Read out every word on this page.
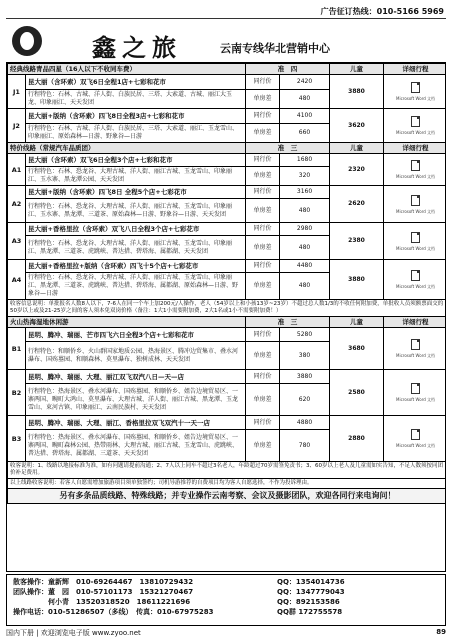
广告征订热线：010-5166 5969
鑫之旅	云南专线华北营销中心
经典线路青品四星（16人以下不收同车费）		准　四		儿童	详细行程
J1	昆大丽（含环索）双飞6日全程1店+七彩和花市	同行价	2420	3880	Microsoft Word 文档

	行程特色：石林、古城、洋人街、白族民居、三塔、大索道、古城、丽江大玉龙、印象丽江、天天发团	单房差	480		
J2	昆大丽+版纳（含环索）四飞8日全程3店+七彩和花市	同行价	4100	3620	Microsoft Word 文档

	行程特色：石林、古城、洋人街、白族民居、三塔、大索道、丽江、玉龙雪山、印象丽江、原始森林—日游、野象谷—日游	单房差	660		
特价线路（常规汽车品质团）		准　三		儿童	详细行程
A1	昆大丽（含环索）双飞6日全程3个店+七彩和花市	同行价	1680	2320	Microsoft Word 文档

	行程特色：石林、恐龙谷、大理古城、洋人街、丽江古城、玉龙雪山、印象丽江、玉水寨、黑龙潭公园、天天发团	单房差	320		
A2	昆大丽+版纳（含环索）四飞8日 全程5个店+七彩花市	同行价	3160	2620	Microsoft Word 文档

	行程特色：石林、恐龙谷、大理古城、洋人街、丽江古城、玉龙雪山、印象丽江、玉水寨、黑龙潭、三道茶、原始森林—日游、野象谷—日游、天天发团	单房差	480		
A3	昆大丽+香格里拉（含环索）双飞八日全程3个店+七彩花市	同行价	2980	2380	Microsoft Word 文档

	行程特色：石林、恐龙谷、大理古城、洋人街、丽江古城、玉龙雪山、印象丽江、黑龙潭、三道茶、虎跳峡、普达措、碧塔海、属都湖、天天发团	单房差	480		
A4	昆大丽+香格里拉+版纳（含环索）四飞十5个店+七彩花市	同行价	4480	3880	Microsoft Word 文档

	行程特色：石林、恐龙谷、大理古城、洋人街、丽江古城、玉龙雪山、印象丽江、黑龙潭、三道茶、虎跳峡、普达措、碧塔海、属都湖、原始森林—日游、野象谷—日游	单房差	480		
收客信息说明：单批报名人数8人以下，7-6人在同一个车上加200元/人操作，老人（54岁以上和小孩13岁~23岁）不超过总人数1/3的不收任何附加费，单批收人员须额票面交的50岁以上或及21-25岁之间的客人须本免双岗价格（备注：1大1小需要附加费，2大1名或1小不需要附加费！）					
火山热海湿地休闲游		准　三		儿童	详细行程
B1	昆明、腾冲、瑞丽、芒市四飞六日全程3个店+七彩和花市	同行价	5280	3680	Microsoft Word 文档

	行程特色：和顺侨乡、火山群国家地质公园、热海景区、腾冲边贸集市、叠水河瀑布、国殇墓园、和顺森林、莫里瀑布、独树成林、天天发团	单房差	380		
B2	昆明、腾冲、瑞丽、大理、丽江双飞双汽八日—天—店	同行价	3880	2580	Microsoft Word 文档

	行程特色：热海景区、叠水河瀑布、国殇墓园、和顺侨乡、姐告边境贸易区、一寨两国、畹町大鸿山、莫里瀑布、大理古城、洋人街、丽江古城、黑龙潭、玉龙雪山、束河古镇、印象丽江、云南民族村、天天发团	单房差	620		
B3	昆明、腾冲、瑞丽、大理、丽江、香格里拉双飞双汽十一天一店	同行价	4880	2880	Microsoft Word 文档

	行程特色：热海景区、叠水河瀑布、国殇墓园、和顺侨乡、姐告边境贸易区、一寨两国、畹町森林公园、热带雨林、大理古城、丽江古城、玉龙雪山、虎跳峡、普达措、碧塔海、属都湖、三道茶、天天发团	单房差	780		
收客说明：1、线路以地接标准为准，如有问题请提前沟通；2、7人以上同车不超过3名老人，年龄超过70岁需签免责书；3、60岁以上老人及儿童需如实告知，不足人数须按同团价补足费用。					
以上线路收客说明：若客人自愿需增加旅游项目须单独签约；司机导游推荐的自费项目均为客人自愿选择，不作为投诉理由。					
另有多条品质线路、特殊线路；并专业操作云南考察、会议及摄影团队，欢迎各同行来电询问！					
散客操作：童新辉　010-69264467　13810729432	QQ：1354014736
团队操作：董　园　010-57101173　15321270467	QQ：1347779043
　　　　　何小青　13520318520　18611221696	QQ：892153586
操作电话：010-51286507（多线）　传真：010-67975283	QQ群 172755578
国内下册 | 欢迎浏览电子版 www.zyoo.net	89
